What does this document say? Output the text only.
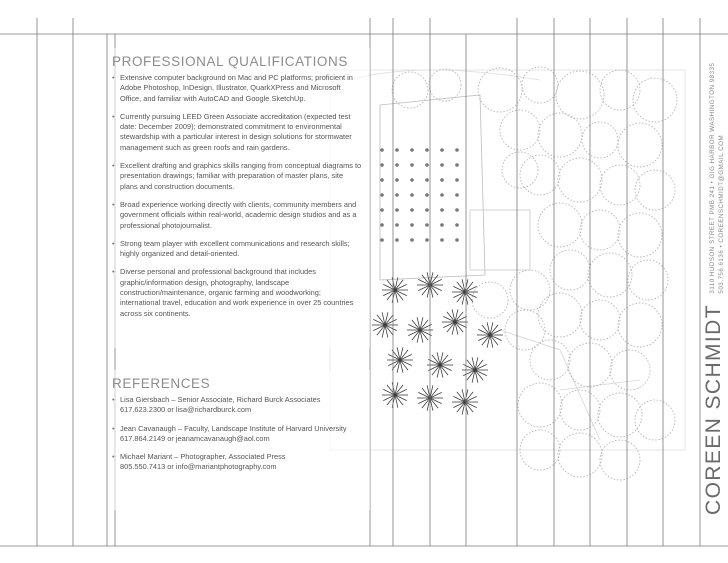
PROFESSIONAL QUALIFICATIONS
• Extensive computer background on Mac and PC platforms; proficient in Adobe Photoshop, InDesign, Illustrator, QuarkXPress and Microsoft Office, and familiar with AutoCAD and Google SketchUp.
• Currently pursuing LEED Green Associate accreditation (expected test date: December 2009); demonstrated commitment to environmental stewardship with a particular interest in design solutions for stormwater management such as green roofs and rain gardens.
• Excellent drafting and graphics skills ranging from conceptual diagrams to presentation drawings; familiar with preparation of master plans, site plans and construction documents.
• Broad experience working directly with clients, community members and government officials within real-world, academic design studios and as a professional photojournalist.
• Strong team player with excellent communications and research skills; highly organized and detail-oriented.
• Diverse personal and professional background that includes graphic/information design, photography, landscape construction/maintenance, organic farming and woodworking; international travel, education and work experience in over 25 countries across six continents.
REFERENCES
• Lisa Giersbach – Senior Associate, Richard Burck Associates
617.623.2300 or lisa@richardburck.com
• Jean Cavanaugh – Faculty, Landscape Institute of Harvard University
617.864.2149 or jeanamcavanaugh@aol.com
• Michael Mariant – Photographer, Associated Press
805.550.7413 or info@mariantphotography.com	COREEN SCHMIDT
3110 HUDSON STREET PMB 241 • GIG HARBOR WASHINGTON 98335 503.756.6136 • COREENSCHMIDT@GMAIL.COM
